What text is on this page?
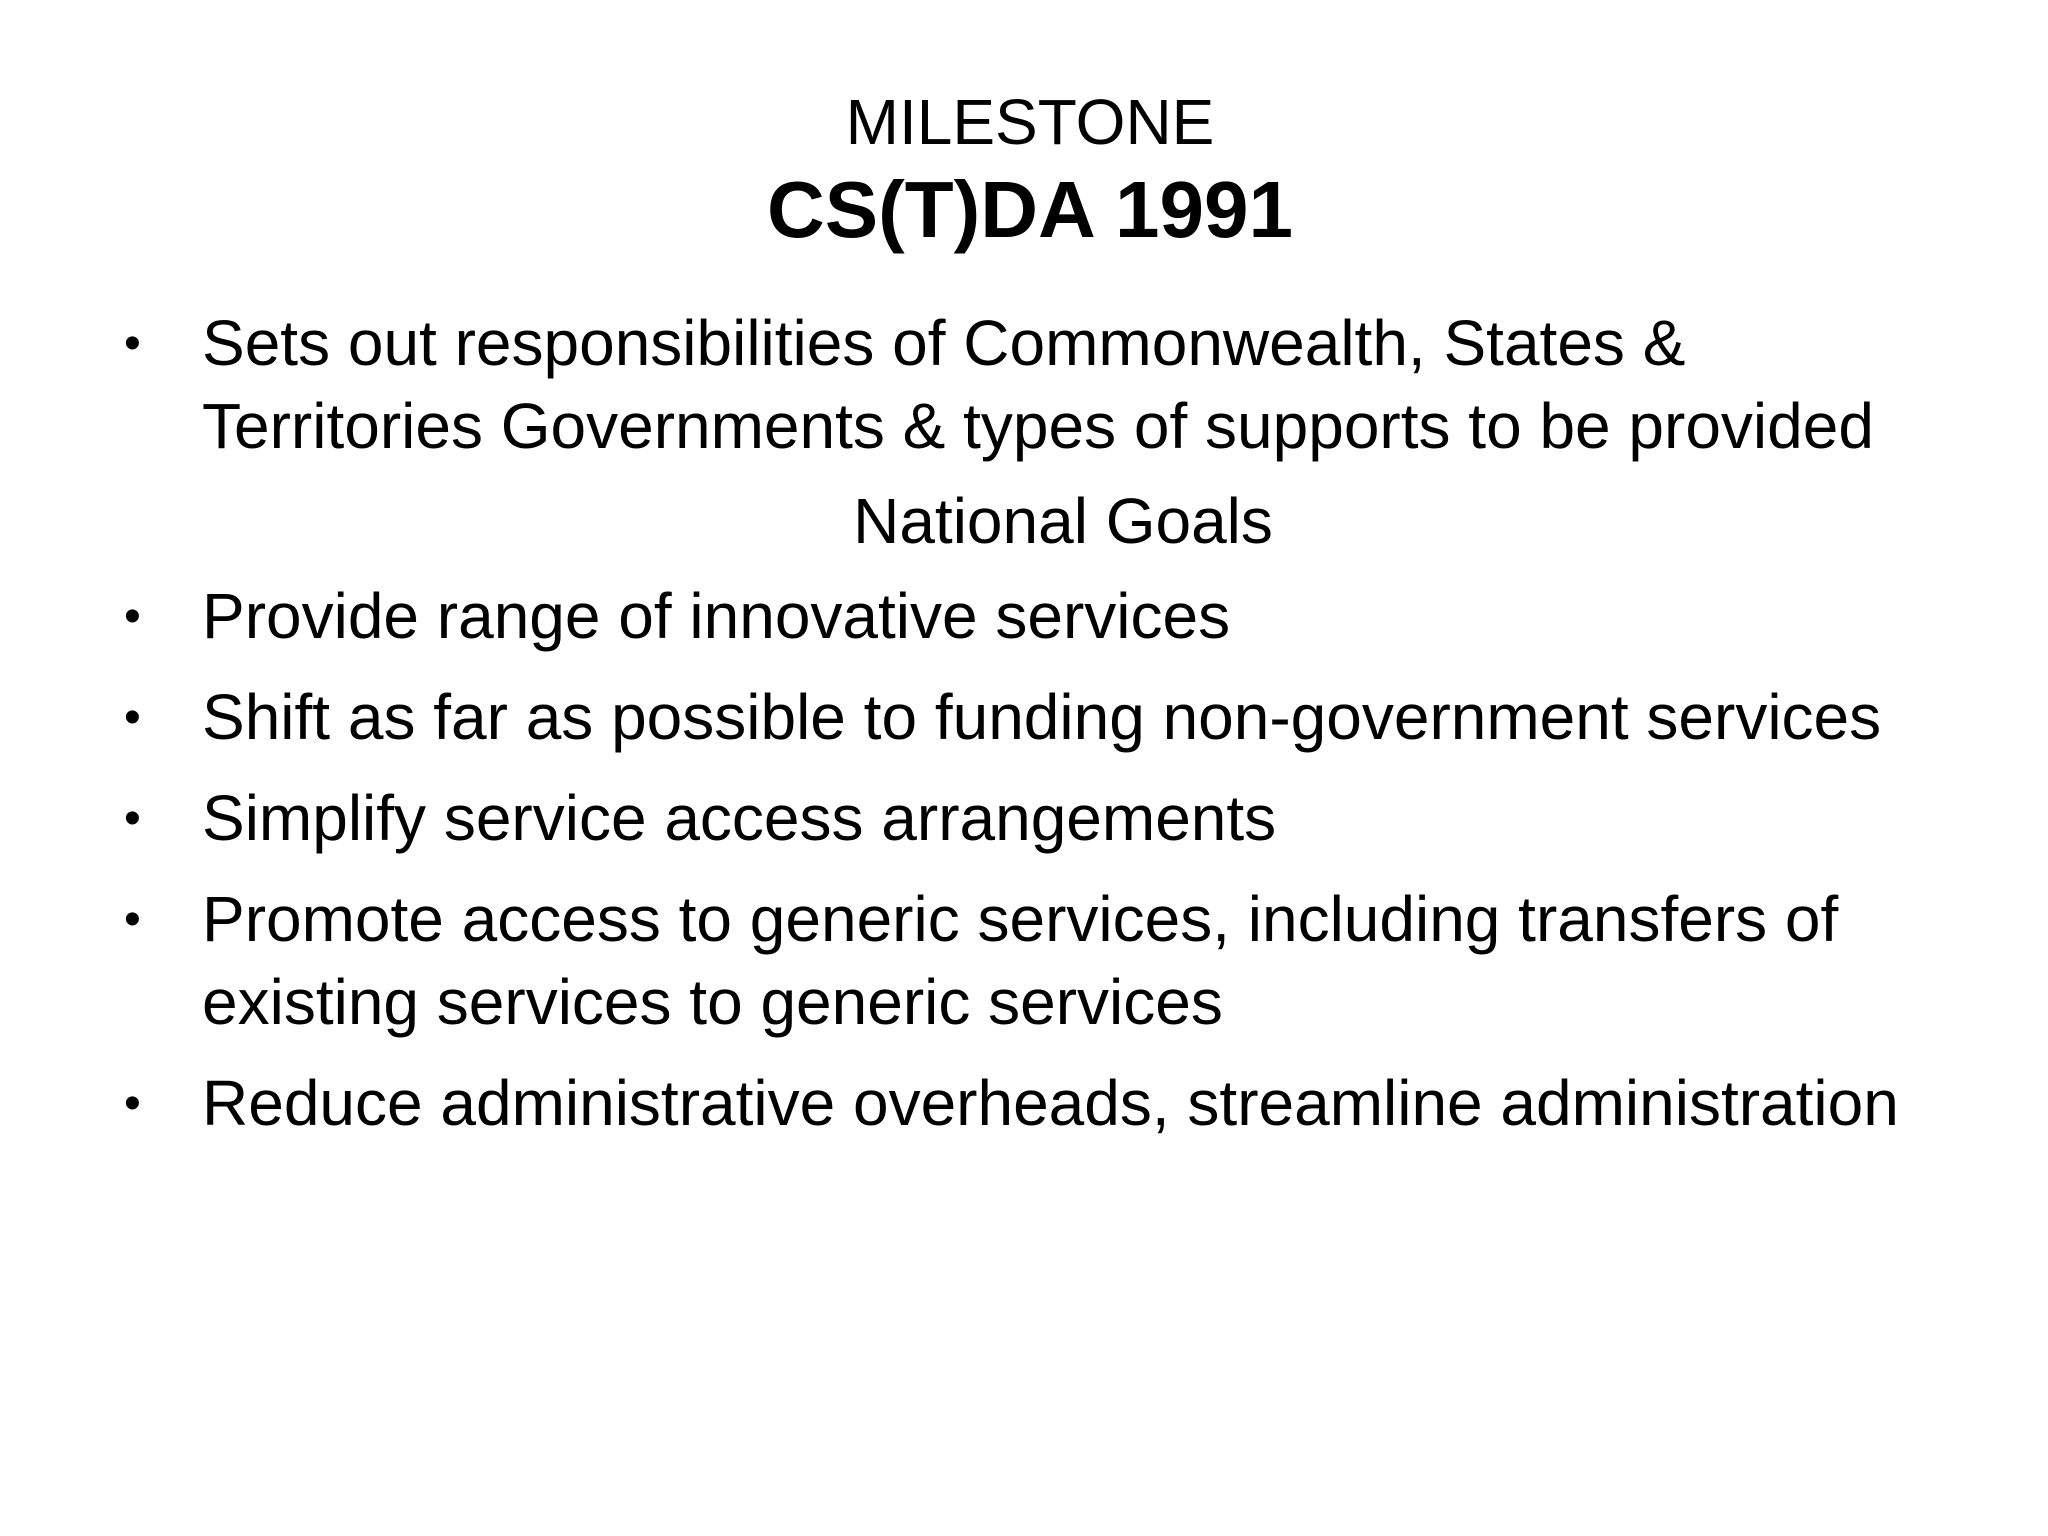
MILESTONE
CS(T)DA 1991

• Sets out responsibilities of Commonwealth, States & Territories Governments & types of supports to be provided

National Goals

• Provide range of innovative services

• Shift as far as possible to funding non-government services

• Simplify service access arrangements

• Promote access to generic services, including transfers of existing services to generic services

• Reduce administrative overheads, streamline administration
